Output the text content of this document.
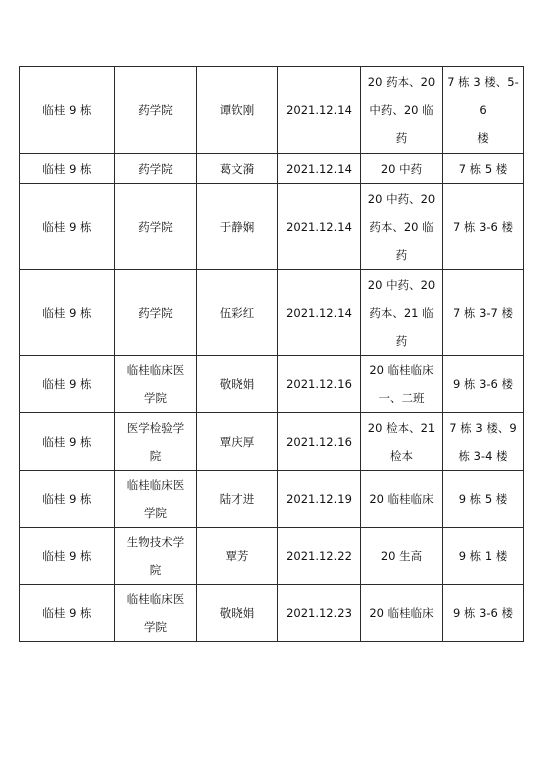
临桂 9 栋	药学院	谭钦刚	2021.12.14	20 药本、20
中药、20 临
药	7 栋 3 楼、5-6
楼

临桂 9 栋	药学院	葛文漪	2021.12.14	20 中药	7 栋 5 楼

临桂 9 栋	药学院	于静娴	2021.12.14	20 中药、20
药本、20 临
药	7 栋 3-6 楼

临桂 9 栋	药学院	伍彩红	2021.12.14	20 中药、20
药本、21 临
药	7 栋 3-7 楼

临桂 9 栋	临桂临床医
学院	敬晓娟	2021.12.16	20 临桂临床
一、二班	9 栋 3-6 楼

临桂 9 栋	医学检验学
院	覃庆厚	2021.12.16	20 检本、21
检本	7 栋 3 楼、9
栋 3-4 楼

临桂 9 栋	临桂临床医
学院	陆才进	2021.12.19	20 临桂临床	9 栋 5 楼

临桂 9 栋	生物技术学
院	覃芳	2021.12.22	20 生高	9 栋 1 楼

临桂 9 栋	临桂临床医
学院	敬晓娟	2021.12.23	20 临桂临床	9 栋 3-6 楼
